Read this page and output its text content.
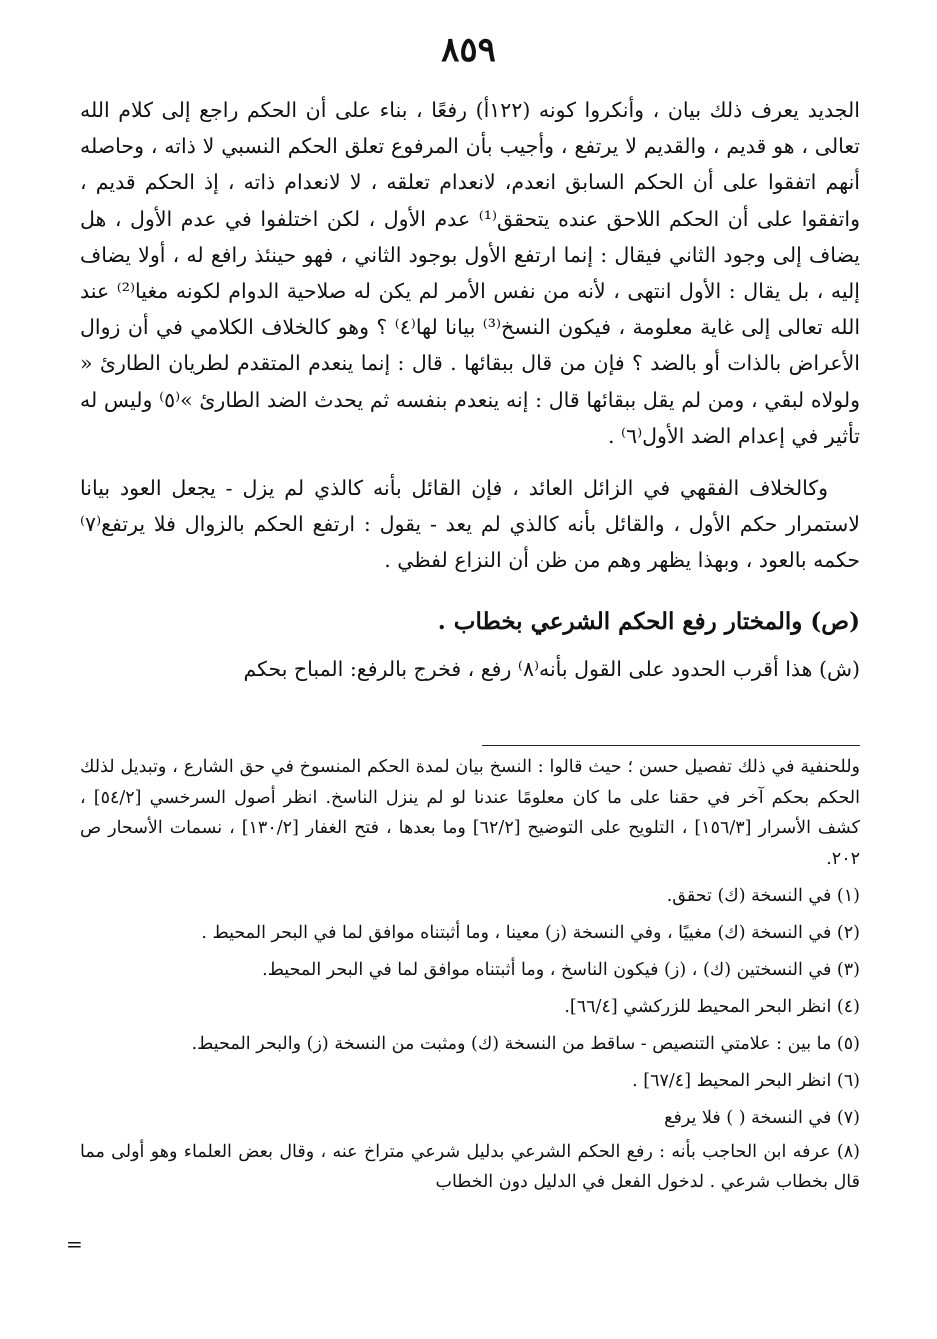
٨٥٩

الجديد يعرف ذلك بيان ، وأنكروا كونه (١٢٢أ) رفعًا ، بناء على أن الحكم راجع إلى كلام الله تعالى ، هو قديم ، والقديم لا يرتفع ، وأجيب بأن المرفوع تعلق الحكم النسبي لا ذاته ، وحاصله أنهم اتفقوا على أن الحكم السابق انعدم، لانعدام تعلقه ، لا لانعدام ذاته ، إذ الحكم قديم ، واتفقوا على أن الحكم اللاحق عنده يتحقق⁽¹⁾ عدم الأول ، لكن اختلفوا في عدم الأول ، هل يضاف إلى وجود الثاني فيقال : إنما ارتفع الأول بوجود الثاني ، فهو حينئذ رافع له ، أولا يضاف إليه ، بل يقال : الأول انتهى ، لأنه من نفس الأمر لم يكن له صلاحية الدوام لكونه مغيا⁽²⁾ عند الله تعالى إلى غاية معلومة ، فيكون النسخ⁽³⁾ بيانا لها⁽٤⁾ ؟ وهو كالخلاف الكلامي في أن زوال الأعراض بالذات أو بالضد ؟ فإن من قال ببقائها . قال : إنما ينعدم المتقدم لطريان الطارئ « ولولاه لبقي ، ومن لم يقل ببقائها قال : إنه ينعدم بنفسه ثم يحدث الضد الطارئ »⁽٥⁾ وليس له تأثير في إعدام الضد الأول⁽٦⁾ .

وكالخلاف الفقهي في الزائل العائد ، فإن القائل بأنه كالذي لم يزل - يجعل العود بيانا لاستمرار حكم الأول ، والقائل بأنه كالذي لم يعد - يقول : ارتفع الحكم بالزوال فلا يرتفع⁽٧⁾ حكمه بالعود ، وبهذا يظهر وهم من ظن أن النزاع لفظي .

(ص) والمختار رفع الحكم الشرعي بخطاب .

(ش) هذا أقرب الحدود على القول بأنه⁽٨⁾ رفع ، فخرج بالرفع: المباح بحكم

وللحنفية في ذلك تفصيل حسن ؛ حيث قالوا : النسخ بيان لمدة الحكم المنسوخ في حق الشارع ، وتبديل لذلك الحكم بحكم آخر في حقنا على ما كان معلومًا عندنا لو لم ينزل الناسخ. انظر أصول السرخسي [٥٤/٢] ، كشف الأسرار [١٥٦/٣] ، التلويح على التوضيح [٦٢/٢] وما بعدها ، فتح الغفار [١٣٠/٢] ، نسمات الأسحار ص ٢٠٢.

(١) في النسخة (ك) تحقق.

(٢) في النسخة (ك) مغييًا ، وفي النسخة (ز) معينا ، وما أثبتناه موافق لما في البحر المحيط .

(٣) في النسختين (ك) ، (ز) فيكون الناسخ ، وما أثبتناه موافق لما في البحر المحيط.

(٤) انظر البحر المحيط للزركشي [٦٦/٤].

(٥) ما بين : علامتي التنصيص - ساقط من النسخة (ك) ومثبت من النسخة (ز) والبحر المحيط.

(٦) انظر البحر المحيط [٦٧/٤] .

(٧) في النسخة ( ) فلا يرفع

(٨) عرفه ابن الحاجب بأنه : رفع الحكم الشرعي بدليل شرعي متراخ عنه ، وقال بعض العلماء وهو أولى مما قال بخطاب شرعي . لدخول الفعل في الدليل دون الخطاب

=
